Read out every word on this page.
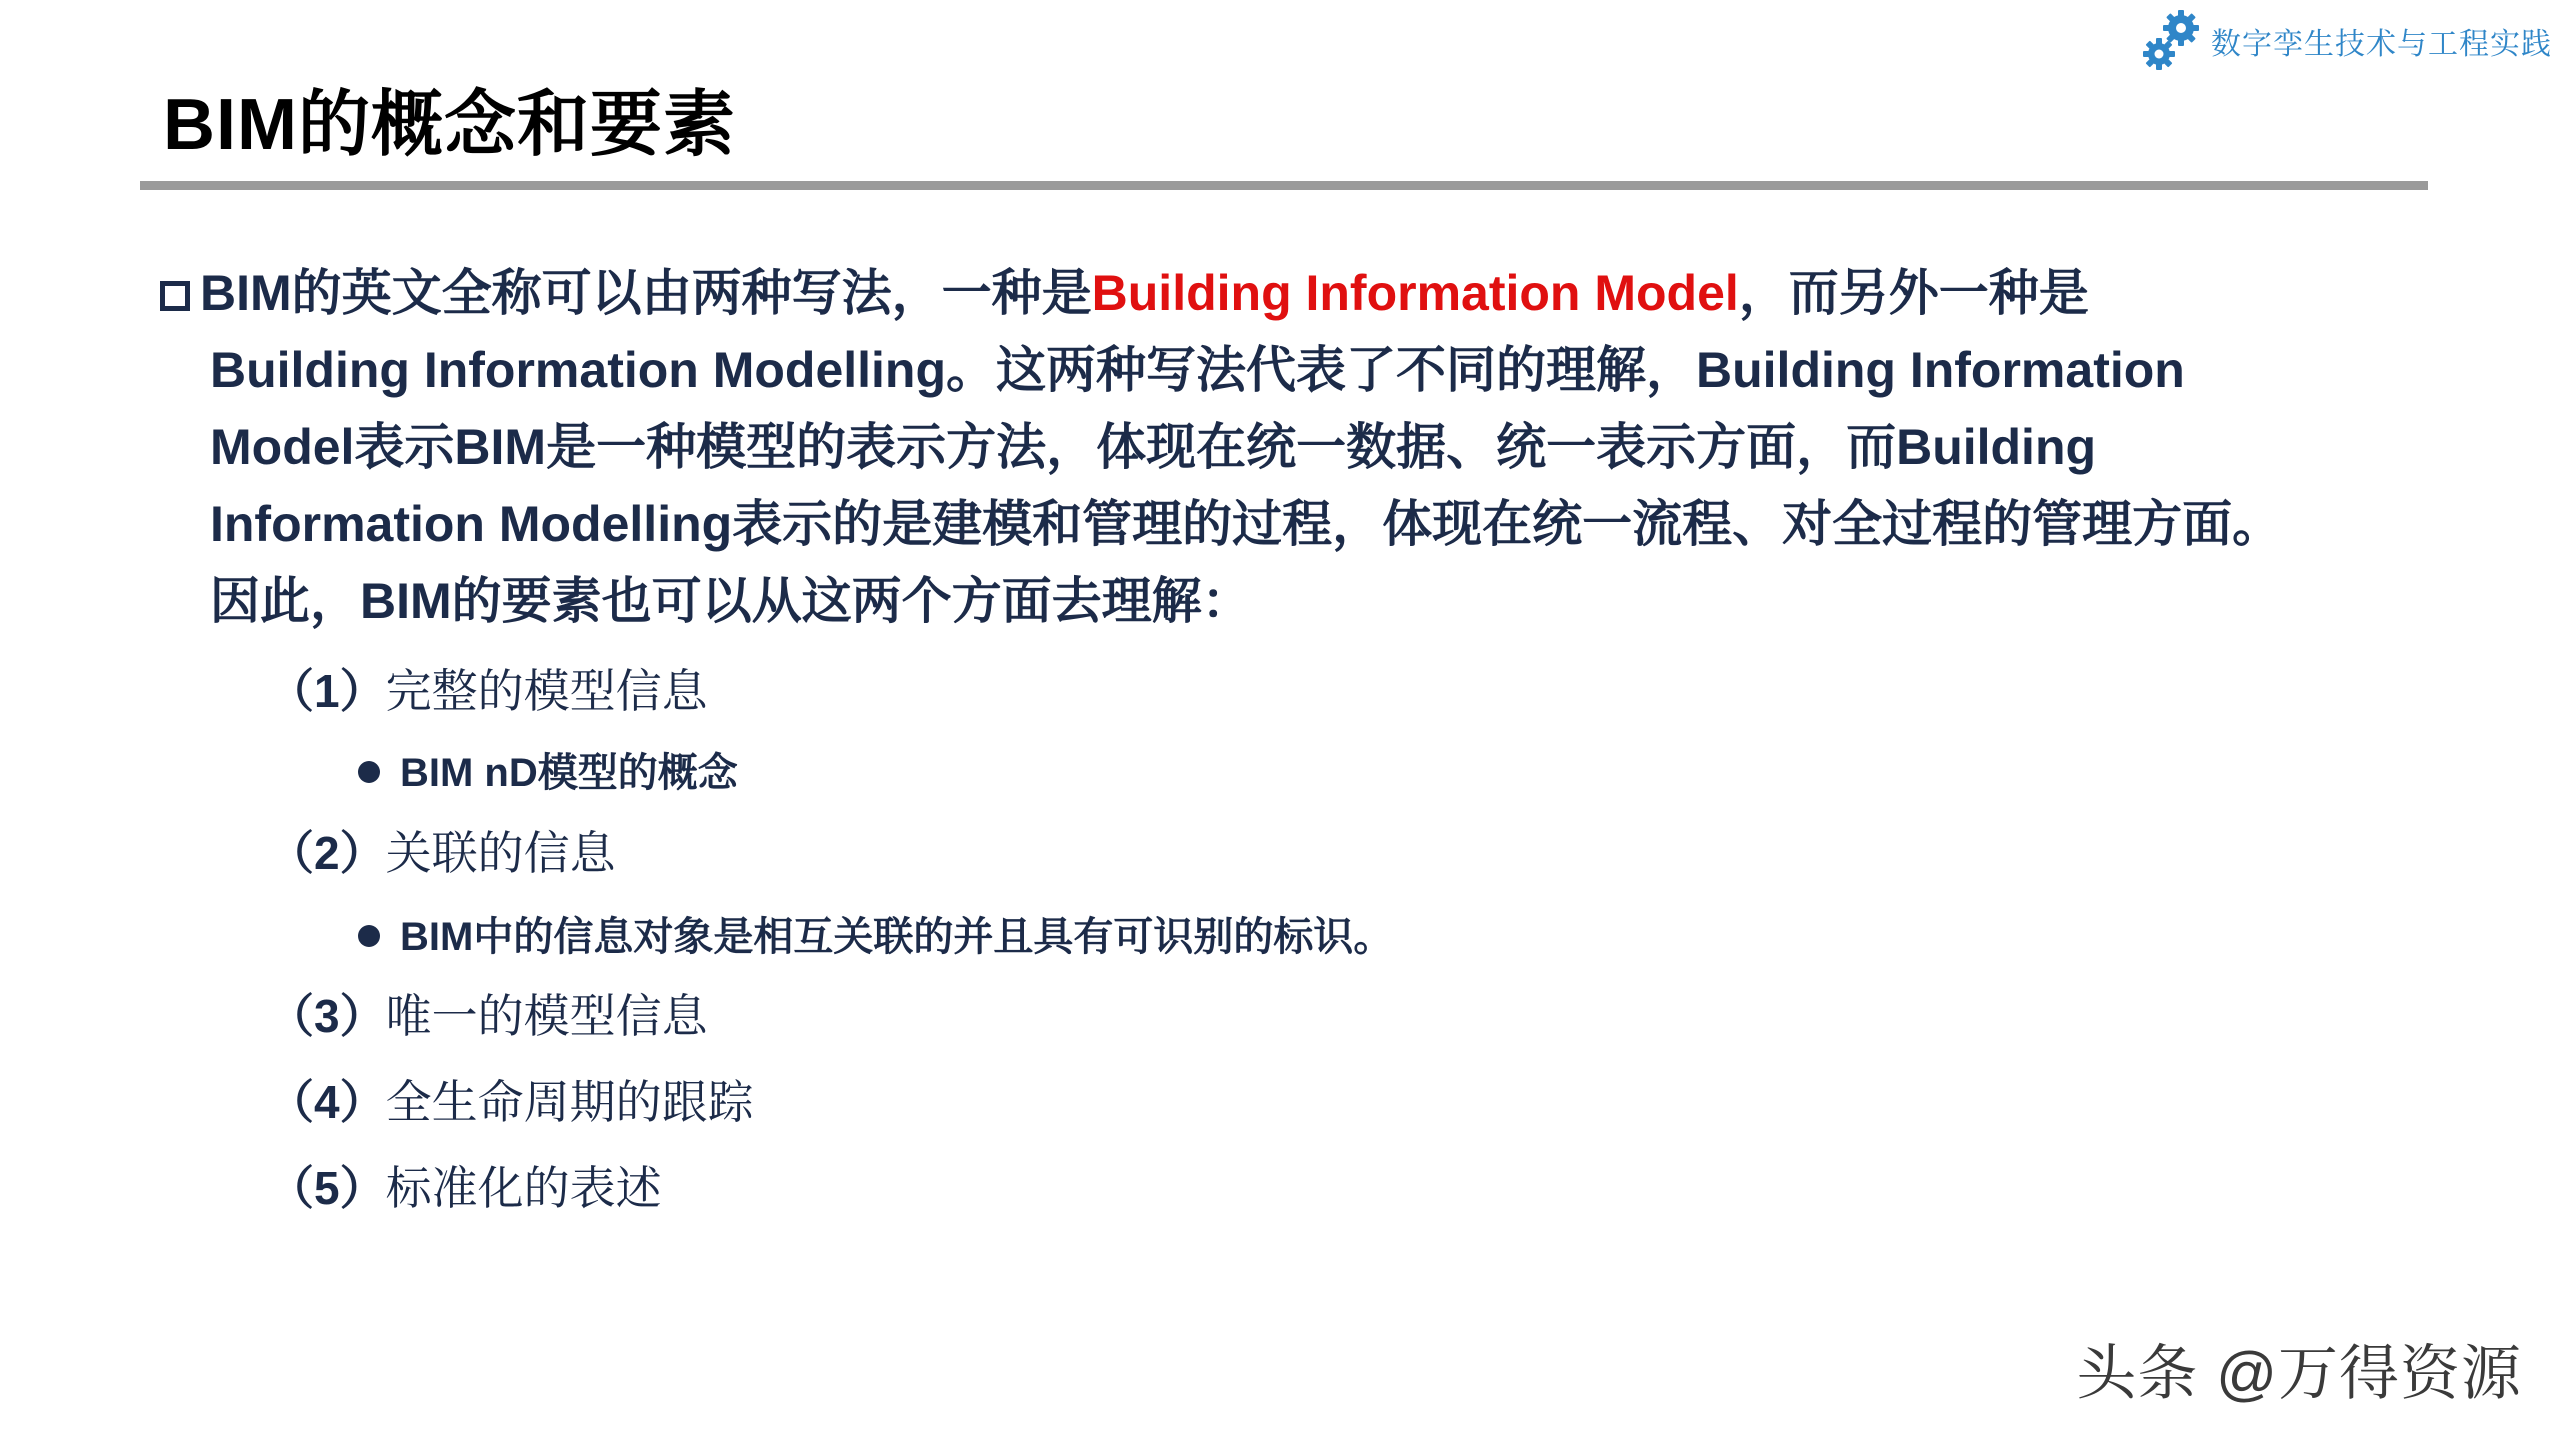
数字孪生技术与工程实践
BIM的概念和要素
BIM的英文全称可以由两种写法，一种是Building Information Model，而另外一种是
Building Information Modelling。这两种写法代表了不同的理解，Building Information
Model表示BIM是一种模型的表示方法，体现在统一数据、统一表示方面，而Building
Information Modelling表示的是建模和管理的过程，体现在统一流程、对全过程的管理方面。
因此，BIM的要素也可以从这两个方面去理解：
（1）完整的模型信息
BIM nD模型的概念
（2）关联的信息
BIM中的信息对象是相互关联的并且具有可识别的标识。
（3）唯一的模型信息
（4）全生命周期的跟踪
（5）标准化的表述
头条 @万得资源
